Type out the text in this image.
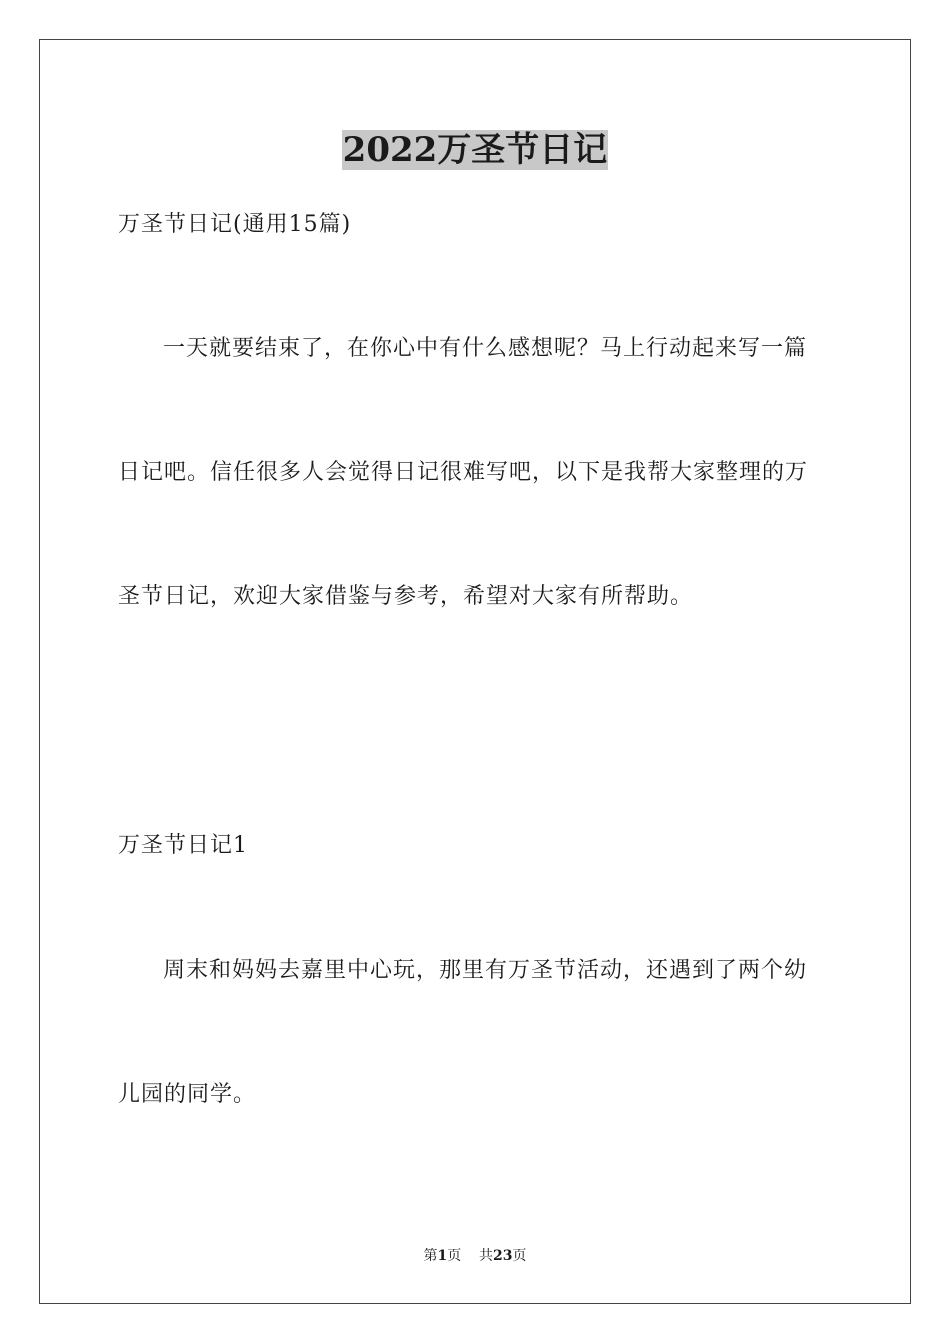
2022万圣节日记
万圣节日记(通用15篇)
一天就要结束了，在你心中有什么感想呢？马上行动起来写一篇
日记吧。信任很多人会觉得日记很难写吧，以下是我帮大家整理的万
圣节日记，欢迎大家借鉴与参考，希望对大家有所帮助。
万圣节日记1
周末和妈妈去嘉里中心玩，那里有万圣节活动，还遇到了两个幼
儿园的同学。
第1页 共23页
